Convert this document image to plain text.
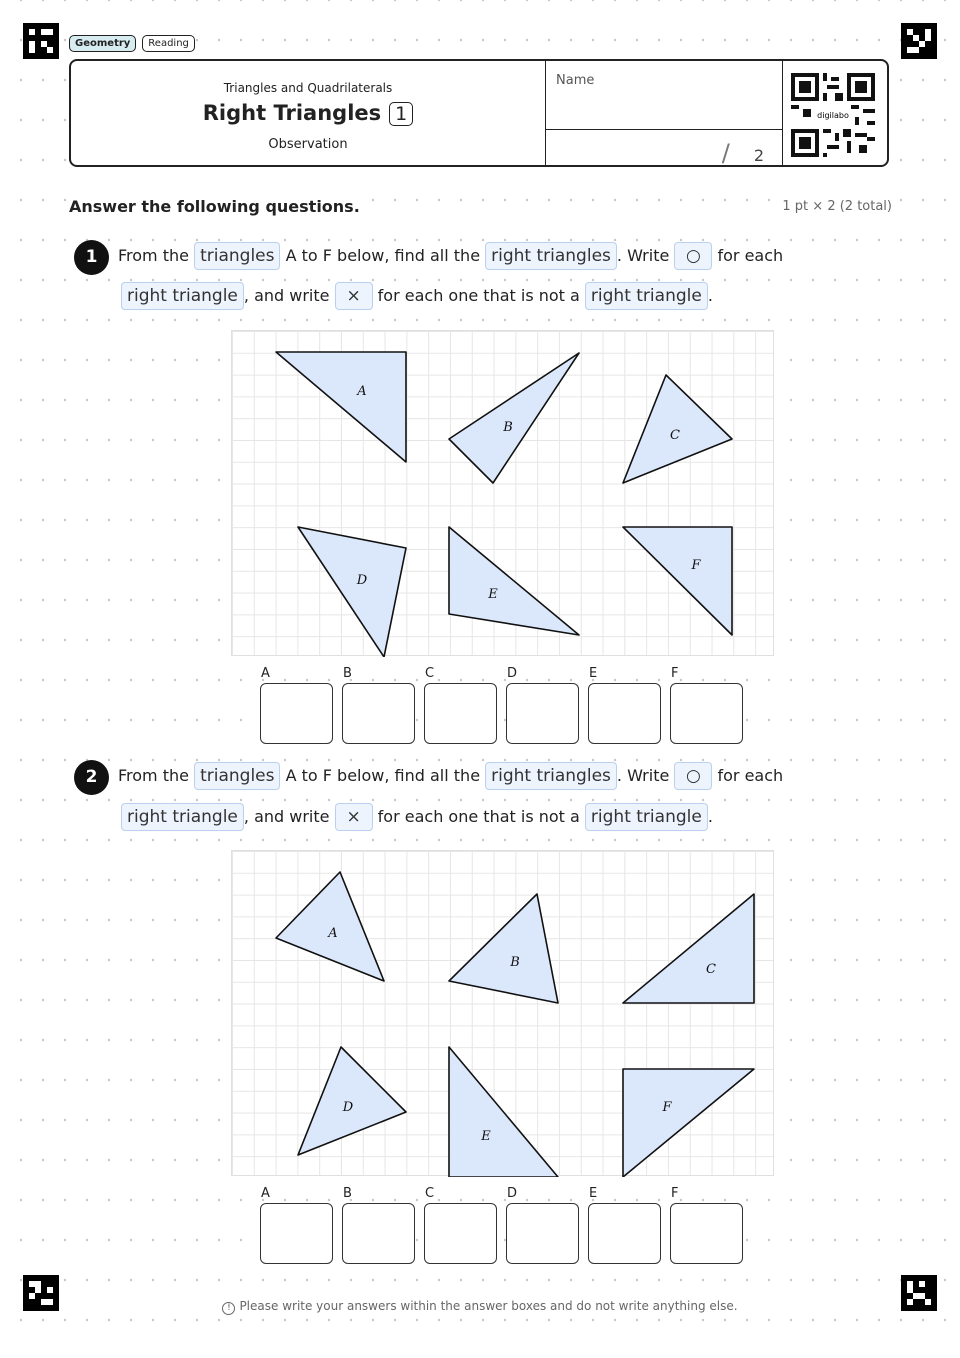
Geometry	Reading
Triangles and Quadrilaterals
Right Triangles 1
Observation
Name
/ 2
digilabo
Answer the following questions.	1 pt × 2 (2 total)
1	From the triangles A to F below, find all the right triangles . Write ○ for each
right triangle , and write × for each one that is not a right triangle .
A
B
C
D
E
F
A	B	C	D	E	F
2	From the triangles A to F below, find all the right triangles . Write ○ for each
right triangle , and write × for each one that is not a right triangle .
A
B	C
D
E
F
A	B	C	D	E	F
! Please write your answers within the answer boxes and do not write anything else.
